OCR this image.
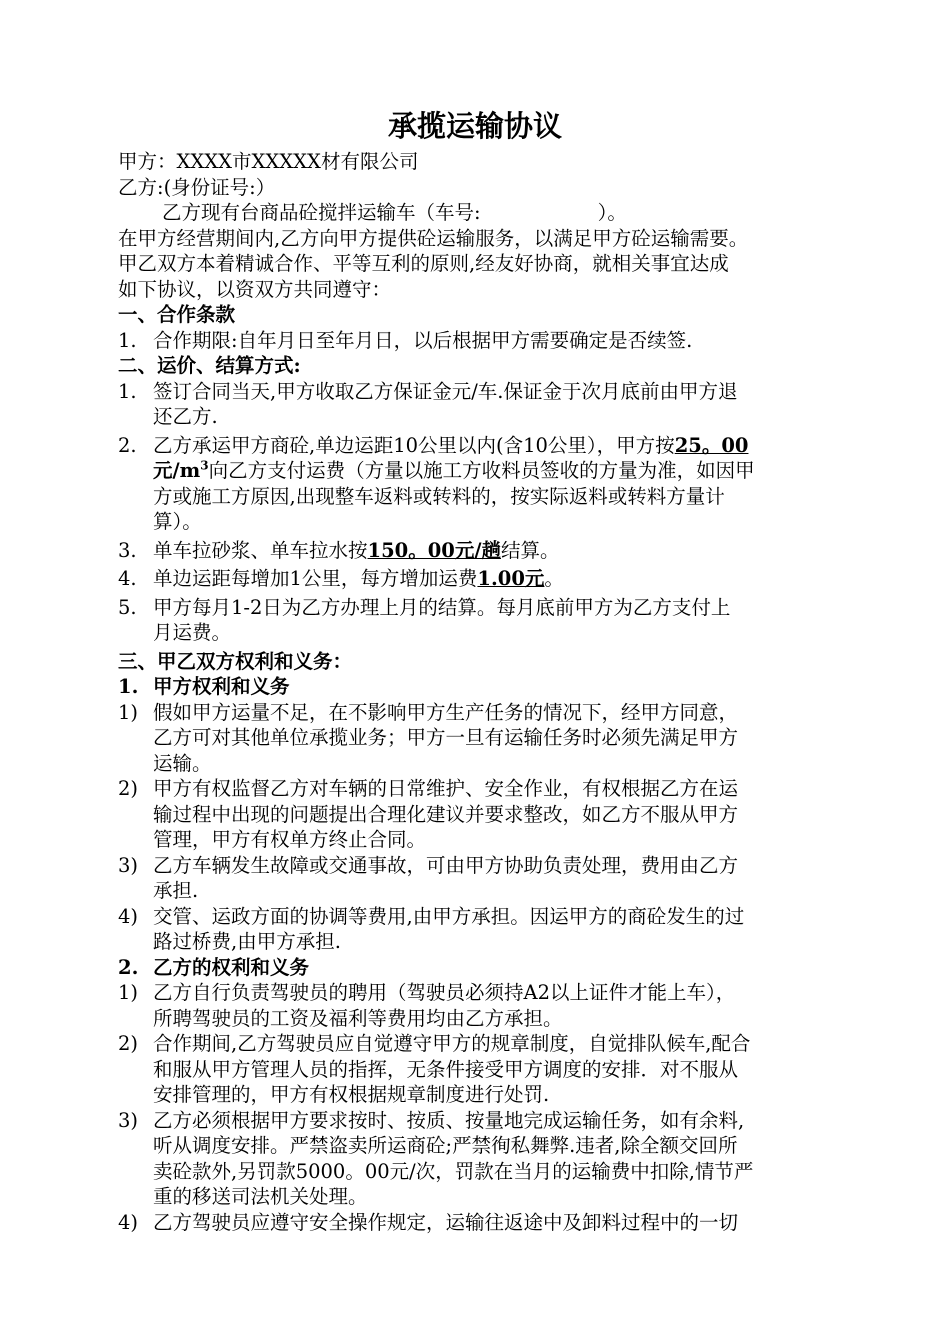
承揽运输协议
甲方：XXXX市XXXXX材有限公司
乙方:(身份证号:）
乙方现有台商品砼搅拌运输车（车号:　　　　　　）。
在甲方经营期间内,乙方向甲方提供砼运输服务，以满足甲方砼运输需要。
甲乙双方本着精诚合作、平等互利的原则,经友好协商，就相关事宜达成
如下协议，以资双方共同遵守：
一、合作条款
1. 合作期限:自年月日至年月日，以后根据甲方需要确定是否续签.
二、运价、结算方式:
1. 签订合同当天,甲方收取乙方保证金元/车.保证金于次月底前由甲方退
还乙方.
2. 乙方承运甲方商砼,单边运距10公里以内(含10公里），甲方按25。00
元$/m^3$向乙方支付运费（方量以施工方收料员签收的方量为准，如因甲
方或施工方原因,出现整车返料或转料的，按实际返料或转料方量计
算）。
3. 单车拉砂浆、单车拉水按150。00元/趟结算。
4. 单边运距每增加1公里，每方增加运费1.00元。
5. 甲方每月1-2日为乙方办理上月的结算。每月底前甲方为乙方支付上
月运费。
三、甲乙双方权利和义务：
1. 甲方权利和义务
1) 假如甲方运量不足，在不影响甲方生产任务的情况下，经甲方同意，
乙方可对其他单位承揽业务；甲方一旦有运输任务时必须先满足甲方
运输。
2) 甲方有权监督乙方对车辆的日常维护、安全作业，有权根据乙方在运
输过程中出现的问题提出合理化建议并要求整改，如乙方不服从甲方
管理，甲方有权单方终止合同。
3) 乙方车辆发生故障或交通事故，可由甲方协助负责处理，费用由乙方
承担.
4) 交管、运政方面的协调等费用,由甲方承担。因运甲方的商砼发生的过
路过桥费,由甲方承担.
2. 乙方的权利和义务
1) 乙方自行负责驾驶员的聘用（驾驶员必须持A2以上证件才能上车），
所聘驾驶员的工资及福利等费用均由乙方承担。
2) 合作期间,乙方驾驶员应自觉遵守甲方的规章制度，自觉排队候车,配合
和服从甲方管理人员的指挥，无条件接受甲方调度的安排．对不服从
安排管理的，甲方有权根据规章制度进行处罚.
3) 乙方必须根据甲方要求按时、按质、按量地完成运输任务，如有余料,
听从调度安排。严禁盗卖所运商砼;严禁徇私舞弊.违者,除全额交回所
卖砼款外,另罚款5000。00元/次，罚款在当月的运输费中扣除,情节严
重的移送司法机关处理。
4) 乙方驾驶员应遵守安全操作规定，运输往返途中及卸料过程中的一切
